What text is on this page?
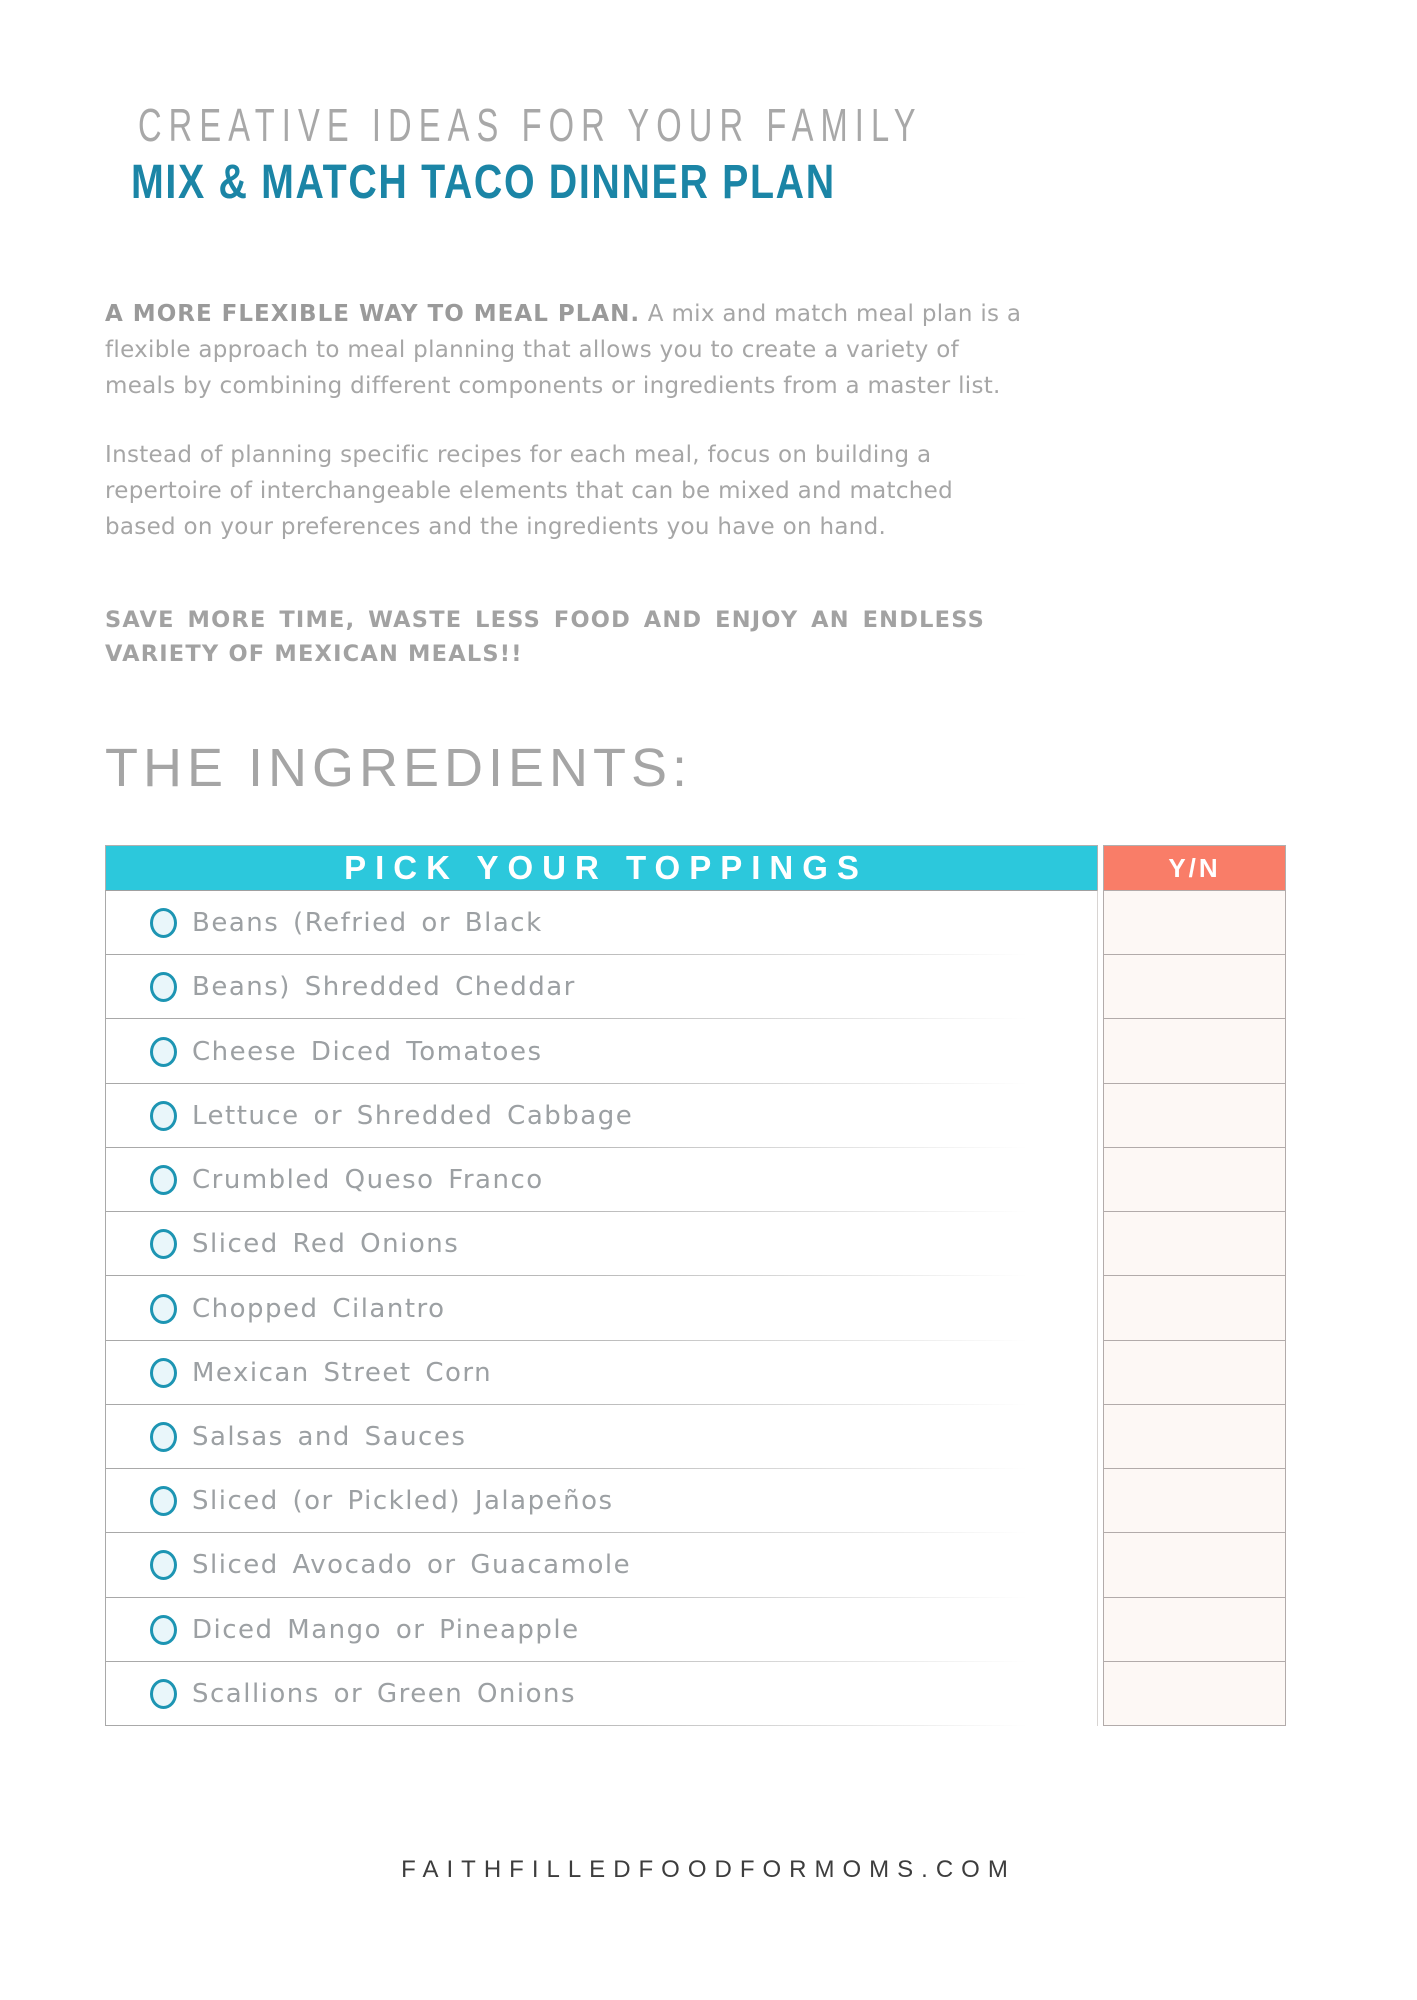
CREATIVE IDEAS FOR YOUR FAMILY
MIX & MATCH TACO DINNER PLAN

A MORE FLEXIBLE WAY TO MEAL PLAN. A mix and match meal plan is a flexible approach to meal planning that allows you to create a variety of meals by combining different components or ingredients from a master list.

Instead of planning specific recipes for each meal, focus on building a repertoire of interchangeable elements that can be mixed and matched based on your preferences and the ingredients you have on hand.

SAVE MORE TIME, WASTE LESS FOOD AND ENJOY AN ENDLESS VARIETY OF MEXICAN MEALS!!

THE INGREDIENTS:
PICK YOUR TOPPINGS
Beans (Refried or Black
Beans) Shredded Cheddar
Cheese Diced Tomatoes
Lettuce or Shredded Cabbage
Crumbled Queso Franco
Sliced Red Onions
Chopped Cilantro
Mexican Street Corn
Salsas and Sauces
Sliced (or Pickled) Jalapeños
Sliced Avocado or Guacamole
Diced Mango or Pineapple
Scallions or Green Onions
Y/N
FAITHFILLEDFOODFORMOMS.COM
